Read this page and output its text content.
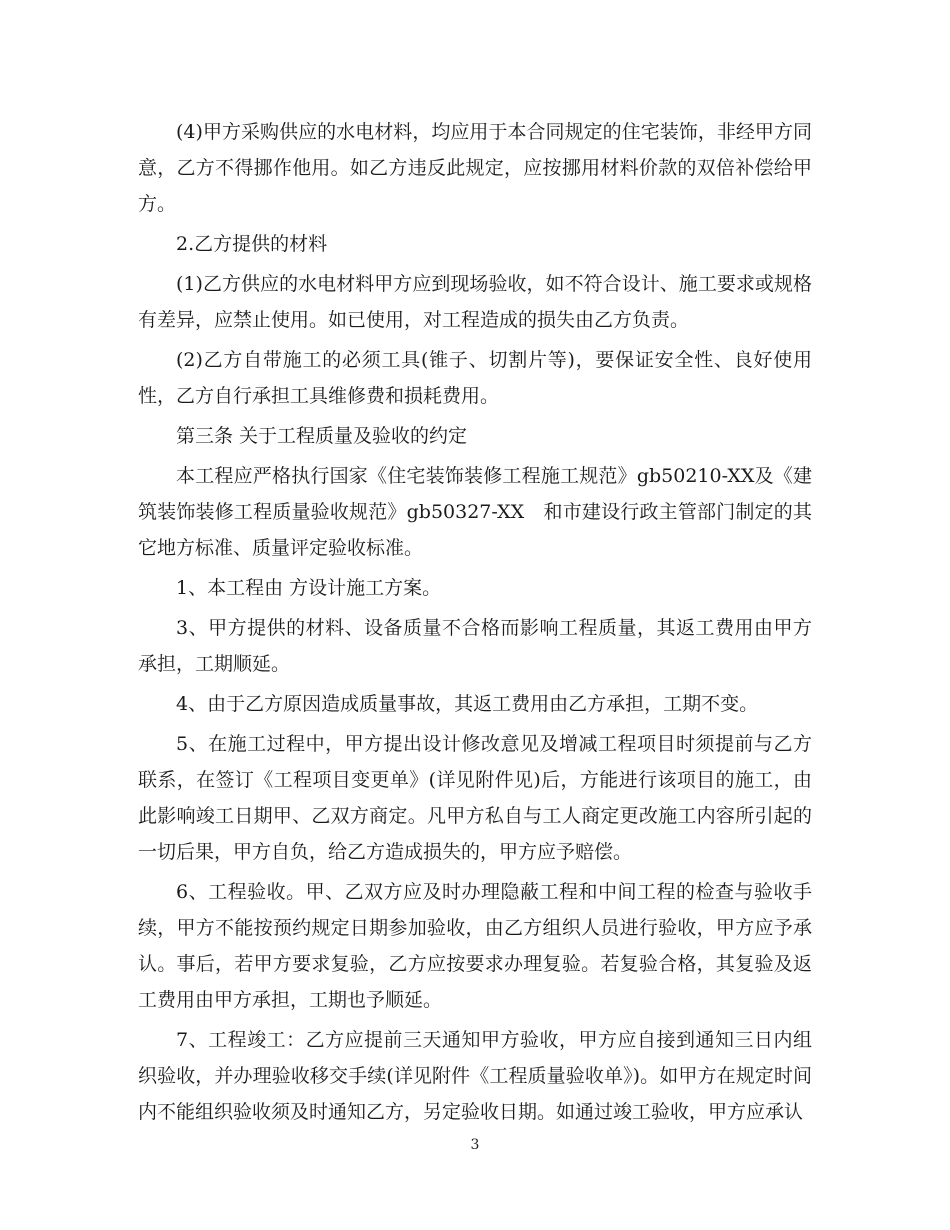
(4)甲方采购供应的水电材料，均应用于本合同规定的住宅装饰，非经甲方同意，乙方不得挪作他用。如乙方违反此规定，应按挪用材料价款的双倍补偿给甲方。

2.乙方提供的材料

(1)乙方供应的水电材料甲方应到现场验收，如不符合设计、施工要求或规格有差异，应禁止使用。如已使用，对工程造成的损失由乙方负责。

(2)乙方自带施工的必须工具(锥子、切割片等)，要保证安全性、良好使用性，乙方自行承担工具维修费和损耗费用。

第三条 关于工程质量及验收的约定

本工程应严格执行国家《住宅装饰装修工程施工规范》gb50210-XX及《建筑装饰装修工程质量验收规范》gb50327-XX　和市建设行政主管部门制定的其它地方标准、质量评定验收标准。

1、本工程由 方设计施工方案。

3、甲方提供的材料、设备质量不合格而影响工程质量，其返工费用由甲方承担，工期顺延。

4、由于乙方原因造成质量事故，其返工费用由乙方承担，工期不变。

5、在施工过程中，甲方提出设计修改意见及增减工程项目时须提前与乙方联系，在签订《工程项目变更单》(详见附件见)后，方能进行该项目的施工，由此影响竣工日期甲、乙双方商定。凡甲方私自与工人商定更改施工内容所引起的一切后果，甲方自负，给乙方造成损失的，甲方应予赔偿。

6、工程验收。甲、乙双方应及时办理隐蔽工程和中间工程的检查与验收手续，甲方不能按预约规定日期参加验收，由乙方组织人员进行验收，甲方应予承认。事后，若甲方要求复验，乙方应按要求办理复验。若复验合格，其复验及返工费用由甲方承担，工期也予顺延。

7、工程竣工：乙方应提前三天通知甲方验收，甲方应自接到通知三日内组织验收，并办理验收移交手续(详见附件《工程质量验收单》)。如甲方在规定时间内不能组织验收须及时通知乙方，另定验收日期。如通过竣工验收，甲方应承认

3
